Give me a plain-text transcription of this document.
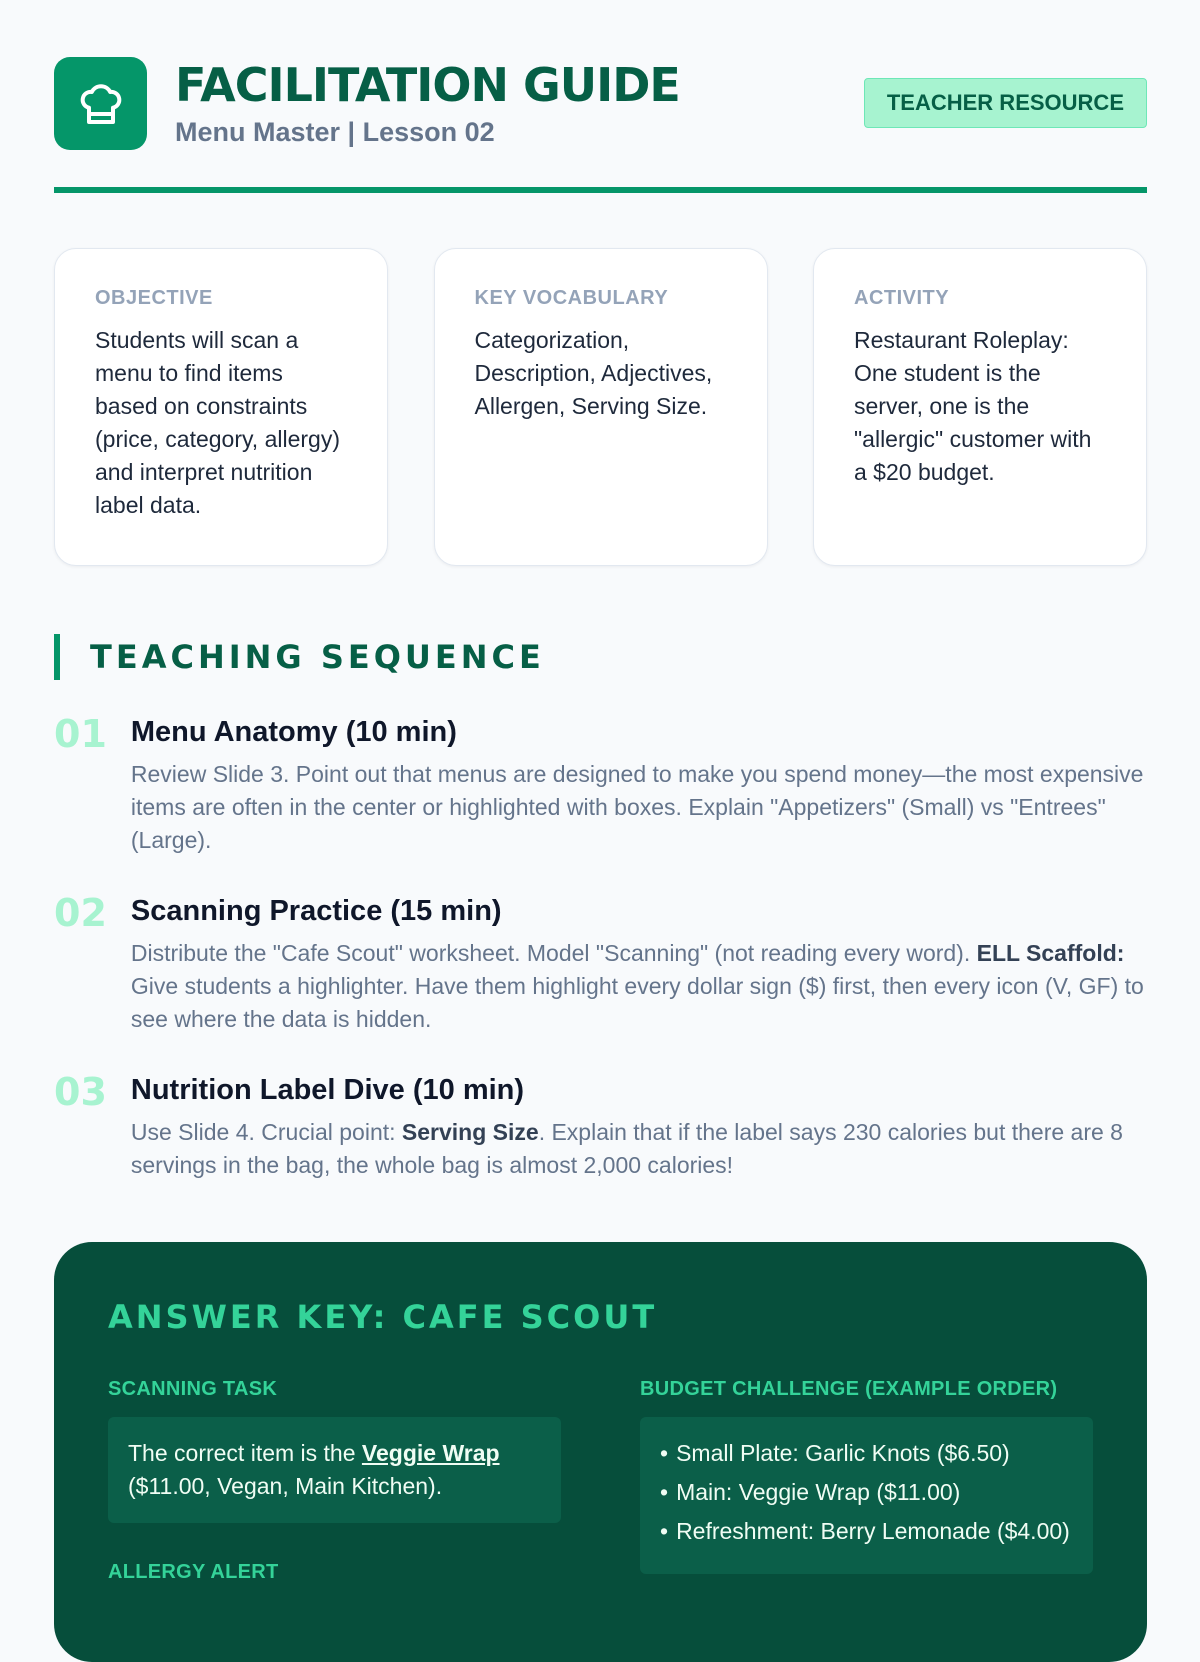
FACILITATION GUIDE
Menu Master | Lesson 02
TEACHER RESOURCE
OBJECTIVE
Students will scan a menu to find items based on constraints (price, category, allergy) and interpret nutrition label data.
KEY VOCABULARY
Categorization, Description, Adjectives, Allergen, Serving Size.
ACTIVITY
Restaurant Roleplay: One student is the server, one is the "allergic" customer with a $20 budget.
TEACHING SEQUENCE
01 Menu Anatomy (10 min)
Review Slide 3. Point out that menus are designed to make you spend money—the most expensive items are often in the center or highlighted with boxes. Explain "Appetizers" (Small) vs "Entrees" (Large).
02 Scanning Practice (15 min)
Distribute the "Cafe Scout" worksheet. Model "Scanning" (not reading every word). ELL Scaffold: Give students a highlighter. Have them highlight every dollar sign ($) first, then every icon (V, GF) to see where the data is hidden.
03 Nutrition Label Dive (10 min)
Use Slide 4. Crucial point: Serving Size. Explain that if the label says 230 calories but there are 8 servings in the bag, the whole bag is almost 2,000 calories!
ANSWER KEY: CAFE SCOUT
SCANNING TASK
The correct item is the Veggie Wrap ($11.00, Vegan, Main Kitchen).
ALLERGY ALERT
BUDGET CHALLENGE (EXAMPLE ORDER)
• Small Plate: Garlic Knots ($6.50)
• Main: Veggie Wrap ($11.00)
• Refreshment: Berry Lemonade ($4.00)
